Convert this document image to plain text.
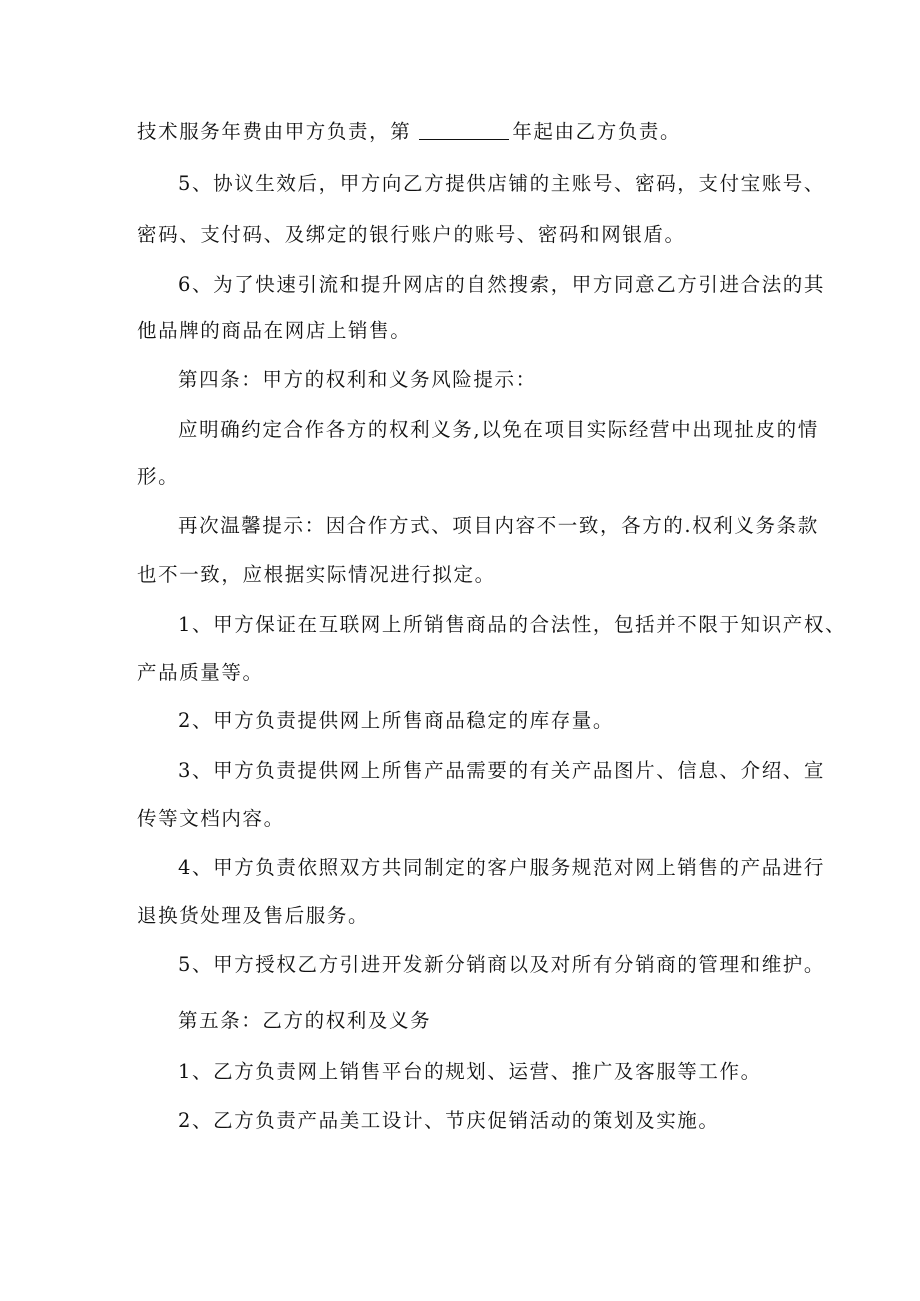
技术服务年费由甲方负责，第	年起由乙方负责。
5、协议生效后，甲方向乙方提供店铺的主账号、密码，支付宝账号、
密码、支付码、及绑定的银行账户的账号、密码和网银盾。
6、为了快速引流和提升网店的自然搜索，甲方同意乙方引进合法的其
他品牌的商品在网店上销售。
第四条：甲方的权利和义务风险提示：
应明确约定合作各方的权利义务,以免在项目实际经营中出现扯皮的情
形。
再次温馨提示：因合作方式、项目内容不一致，各方的.权利义务条款
也不一致，应根据实际情况进行拟定。
1、甲方保证在互联网上所销售商品的合法性，包括并不限于知识产权、
产品质量等。
2、甲方负责提供网上所售商品稳定的库存量。
3、甲方负责提供网上所售产品需要的有关产品图片、信息、介绍、宣
传等文档内容。
4、甲方负责依照双方共同制定的客户服务规范对网上销售的产品进行
退换货处理及售后服务。
5、甲方授权乙方引进开发新分销商以及对所有分销商的管理和维护。
第五条：乙方的权利及义务
1、乙方负责网上销售平台的规划、运营、推广及客服等工作。
2、乙方负责产品美工设计、节庆促销活动的策划及实施。
